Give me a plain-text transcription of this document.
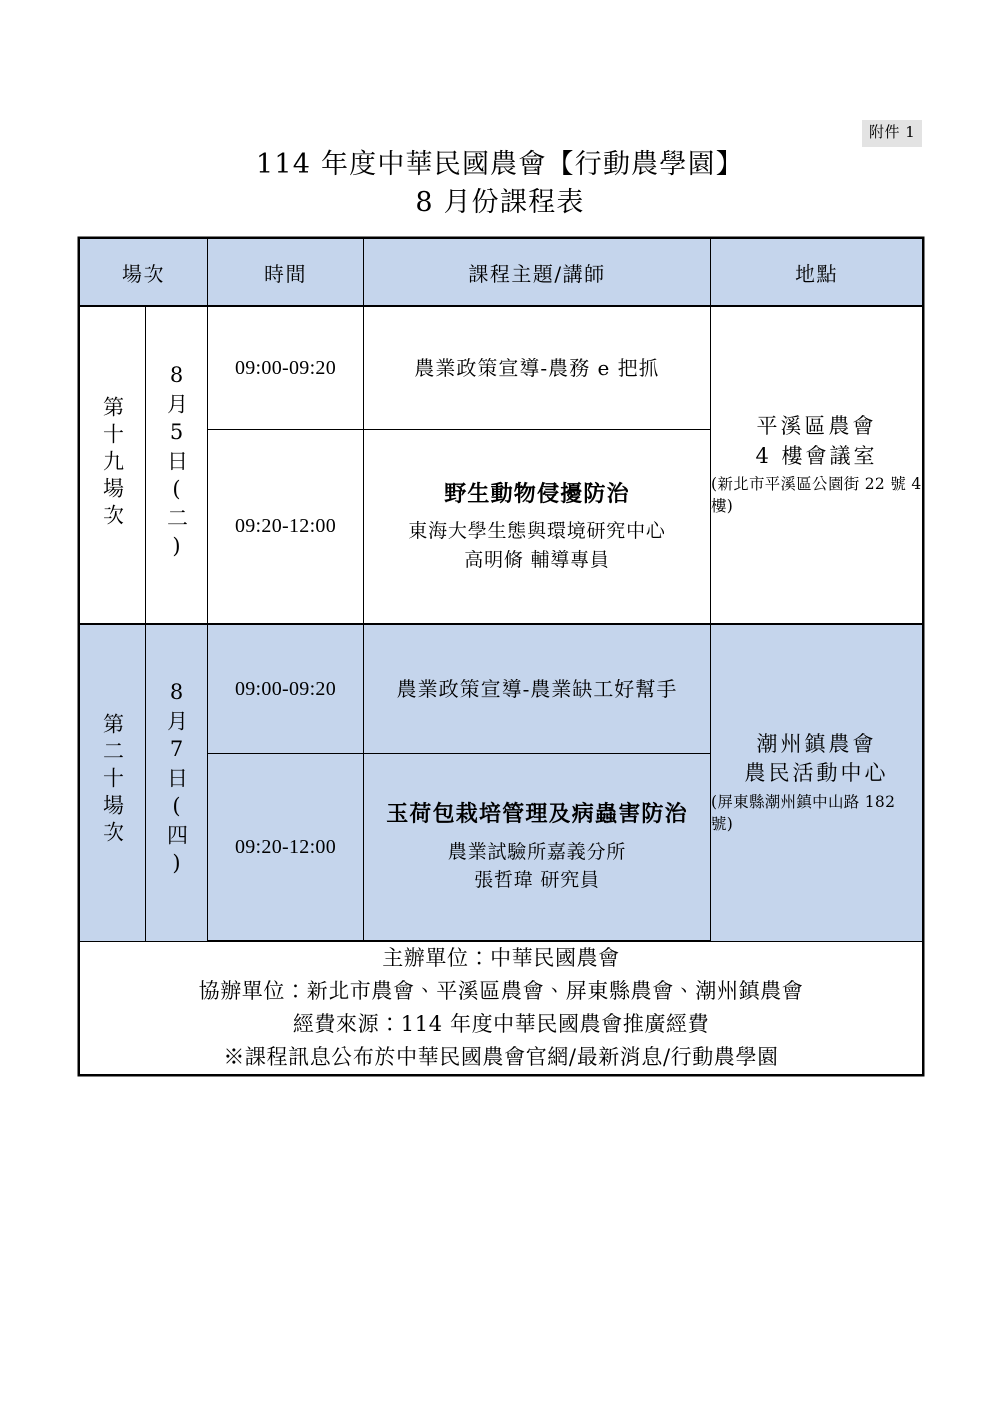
附件 1
114 年度中華民國農會【行動農學園】
8 月份課程表
場次		時間	課程主題/講師	地點
第十九場次	8月5日(二)	09:00-09:20	農業政策宣導-農務 e 把抓	平溪區農會
4 樓會議室
(新北市平溪區公園街 22 號 4 樓)

		09:20-12:00	野生動物侵擾防治
東海大學生態與環境研究中心
高明脩 輔導專員	

第二十場次	8月7日(四)	09:00-09:20	農業政策宣導-農業缺工好幫手	潮州鎮農會
農民活動中心
(屏東縣潮州鎮中山路 182 號)

		09:20-12:00	玉荷包栽培管理及病蟲害防治
農業試驗所嘉義分所
張哲瑋 研究員	

主辦單位：中華民國農會
協辦單位：新北市農會、平溪區農會、屏東縣農會、潮州鎮農會
經費來源：114 年度中華民國農會推廣經費
※課程訊息公布於中華民國農會官網/最新消息/行動農學園				
